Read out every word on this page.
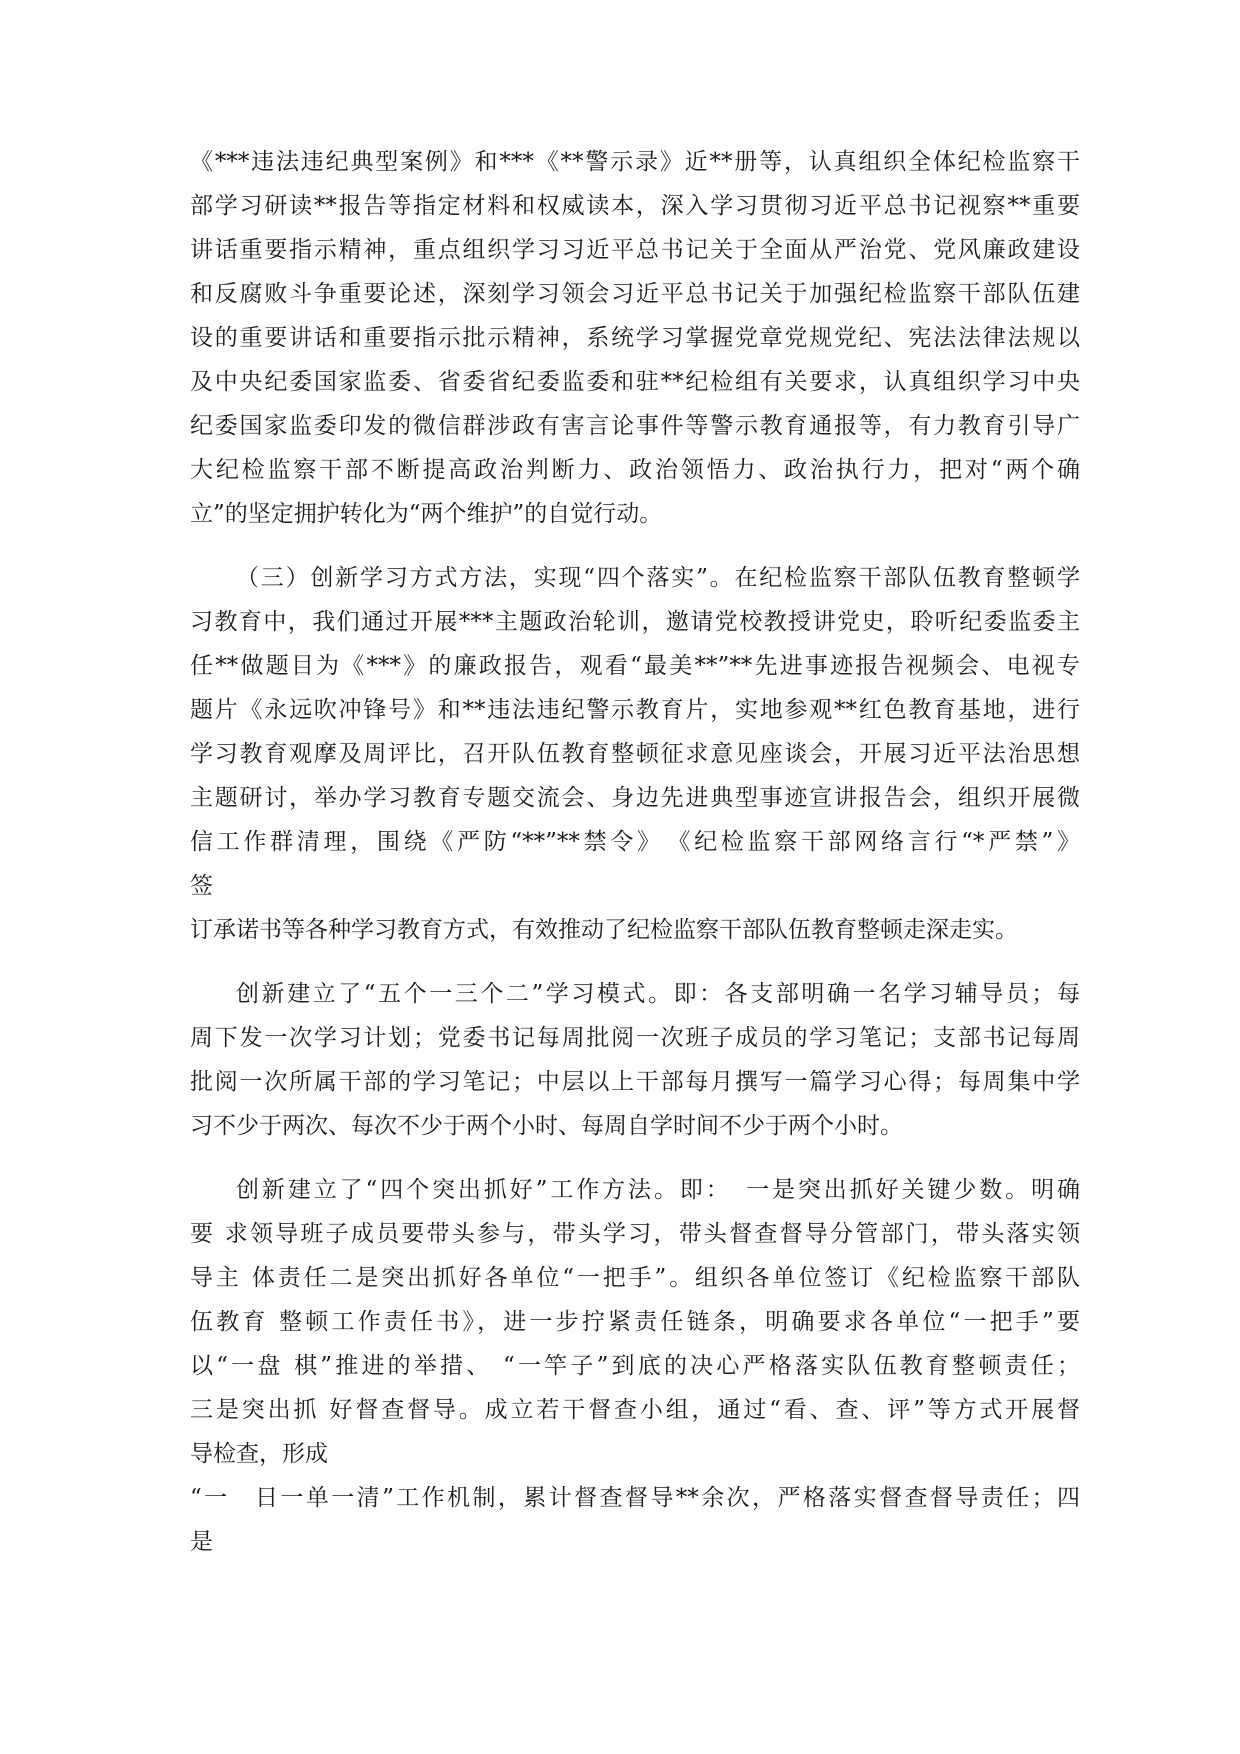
《***违法违纪典型案例》和***《**警示录》近**册等，认真组织全体纪检监察干
部学习研读**报告等指定材料和权威读本，深入学习贯彻习近平总书记视察**重要
讲话重要指示精神，重点组织学习习近平总书记关于全面从严治党、党风廉政建设
和反腐败斗争重要论述，深刻学习领会习近平总书记关于加强纪检监察干部队伍建
设的重要讲话和重要指示批示精神，系统学习掌握党章党规党纪、宪法法律法规以
及中央纪委国家监委、省委省纪委监委和驻**纪检组有关要求，认真组织学习中央
纪委国家监委印发的微信群涉政有害言论事件等警示教育通报等，有力教育引导广
大纪检监察干部不断提高政治判断力、政治领悟力、政治执行力，把对“两个确
立”的坚定拥护转化为“两个维护”的自觉行动。
（三）创新学习方式方法，实现“四个落实”。在纪检监察干部队伍教育整顿学
习教育中，我们通过开展***主题政治轮训，邀请党校教授讲党史，聆听纪委监委主
任**做题目为《***》的廉政报告，观看“最美**”**先进事迹报告视频会、电视专
题片《永远吹冲锋号》和**违法违纪警示教育片，实地参观**红色教育基地，进行
学习教育观摩及周评比，召开队伍教育整顿征求意见座谈会，开展习近平法治思想
主题研讨，举办学习教育专题交流会、身边先进典型事迹宣讲报告会，组织开展微
信工作群清理，围绕《严防“**”**禁令》　《纪检监察干部网络言行“*严禁”》
签
订承诺书等各种学习教育方式，有效推动了纪检监察干部队伍教育整顿走深走实。
创新建立了“五个一三个二”学习模式。即：各支部明确一名学习辅导员；每
周下发一次学习计划；党委书记每周批阅一次班子成员的学习笔记；支部书记每周
批阅一次所属干部的学习笔记；中层以上干部每月撰写一篇学习心得；每周集中学
习不少于两次、每次不少于两个小时、每周自学时间不少于两个小时。
创新建立了“四个突出抓好”工作方法。即：　一是突出抓好关键少数。明确
要 求领导班子成员要带头参与，带头学习，带头督查督导分管部门，带头落实领
导主 体责任二是突出抓好各单位“一把手”。组织各单位签订《纪检监察干部队
伍教育 整顿工作责任书》，进一步拧紧责任链条，明确要求各单位“一把手”要
以“一盘 棋”推进的举措、 “一竿子”到底的决心严格落实队伍教育整顿责任；
三是突出抓 好督查督导。成立若干督查小组，通过“看、查、评”等方式开展督
导检查，形成
“一　日一单一清”工作机制，累计督查督导**余次，严格落实督查督导责任；四
是
